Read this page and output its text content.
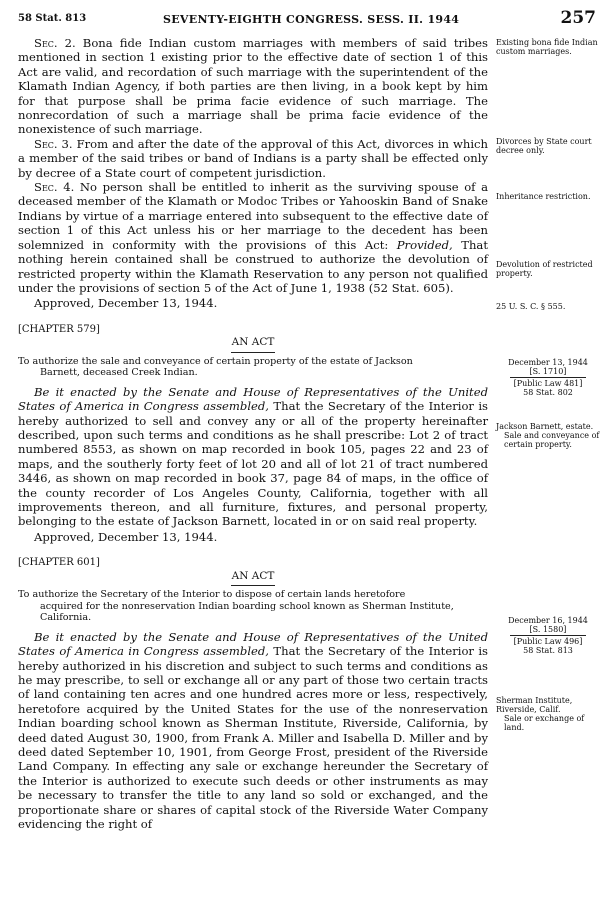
58 Stat. 813	SEVENTY-EIGHTH CONGRESS. SESS. II. 1944	257

Sec. 2. Bona fide Indian custom marriages with members of said tribes mentioned in section 1 existing prior to the effective date of section 1 of this Act are valid, and recordation of such marriage with the superintendent of the Klamath Indian Agency, if both parties are then living, in a book kept by him for that purpose shall be prima facie evidence of such marriage. The nonrecordation of such a marriage shall be prima facie evidence of the nonexistence of such marriage.

Sec. 3. From and after the date of the approval of this Act, divorces in which a member of the said tribes or band of Indians is a party shall be effected only by decree of a State court of competent jurisdiction.

Sec. 4. No person shall be entitled to inherit as the surviving spouse of a deceased member of the Klamath or Modoc Tribes or Yahooskin Band of Snake Indians by virtue of a marriage entered into subsequent to the effective date of section 1 of this Act unless his or her marriage to the decedent has been solemnized in conformity with the provisions of this Act: Provided, That nothing herein contained shall be construed to authorize the devolution of restricted property within the Klamath Reservation to any person not qualified under the provisions of section 5 of the Act of June 1, 1938 (52 Stat. 605).

Approved, December 13, 1944.

[CHAPTER 579]

AN ACT

To authorize the sale and conveyance of certain property of the estate of Jackson
Barnett, deceased Creek Indian.

Be it enacted by the Senate and House of Representatives of the United States of America in Congress assembled, That the Secretary of the Interior is hereby authorized to sell and convey any or all of the property hereinafter described, upon such terms and conditions as he shall prescribe: Lot 2 of tract numbered 8553, as shown on map recorded in book 105, pages 22 and 23 of maps, and the southerly forty feet of lot 20 and all of lot 21 of tract numbered 3446, as shown on map recorded in book 37, page 84 of maps, in the office of the county recorder of Los Angeles County, California, together with all improvements thereon, and all furniture, fixtures, and personal property, belonging to the estate of Jackson Barnett, located in or on said real property.

Approved, December 13, 1944.

[CHAPTER 601]

AN ACT

To authorize the Secretary of the Interior to dispose of certain lands heretofore
acquired for the nonreservation Indian boarding school known as Sherman Institute, California.

Be it enacted by the Senate and House of Representatives of the United States of America in Congress assembled, That the Secretary of the Interior is hereby authorized in his discretion and subject to such terms and conditions as he may prescribe, to sell or exchange all or any part of those two certain tracts of land containing ten acres and one hundred acres more or less, respectively, heretofore acquired by the United States for the use of the nonreservation Indian boarding school known as Sherman Institute, Riverside, California, by deed dated August 30, 1900, from Frank A. Miller and Isabella D. Miller and by deed dated September 10, 1901, from George Frost, president of the Riverside Land Company. In effecting any sale or exchange hereunder the Secretary of the Interior is authorized to execute such deeds or other instruments as may be necessary to transfer the title to any land so sold or exchanged, and the proportionate share or shares of capital stock of the Riverside Water Company evidencing the right of

Existing bona fide Indian custom marriages.
Divorces by State court decree only.
Inheritance restriction.
Devolution of restricted property.
25 U. S. C. § 555.
December 13, 1944
[S. 1710]
[Public Law 481]
58 Stat. 802
Jackson Barnett, estate.
Sale and conveyance of certain property.
December 16, 1944
[S. 1580]
[Public Law 496]
58 Stat. 813
Sherman Institute, Riverside, Calif.
Sale or exchange of land.
